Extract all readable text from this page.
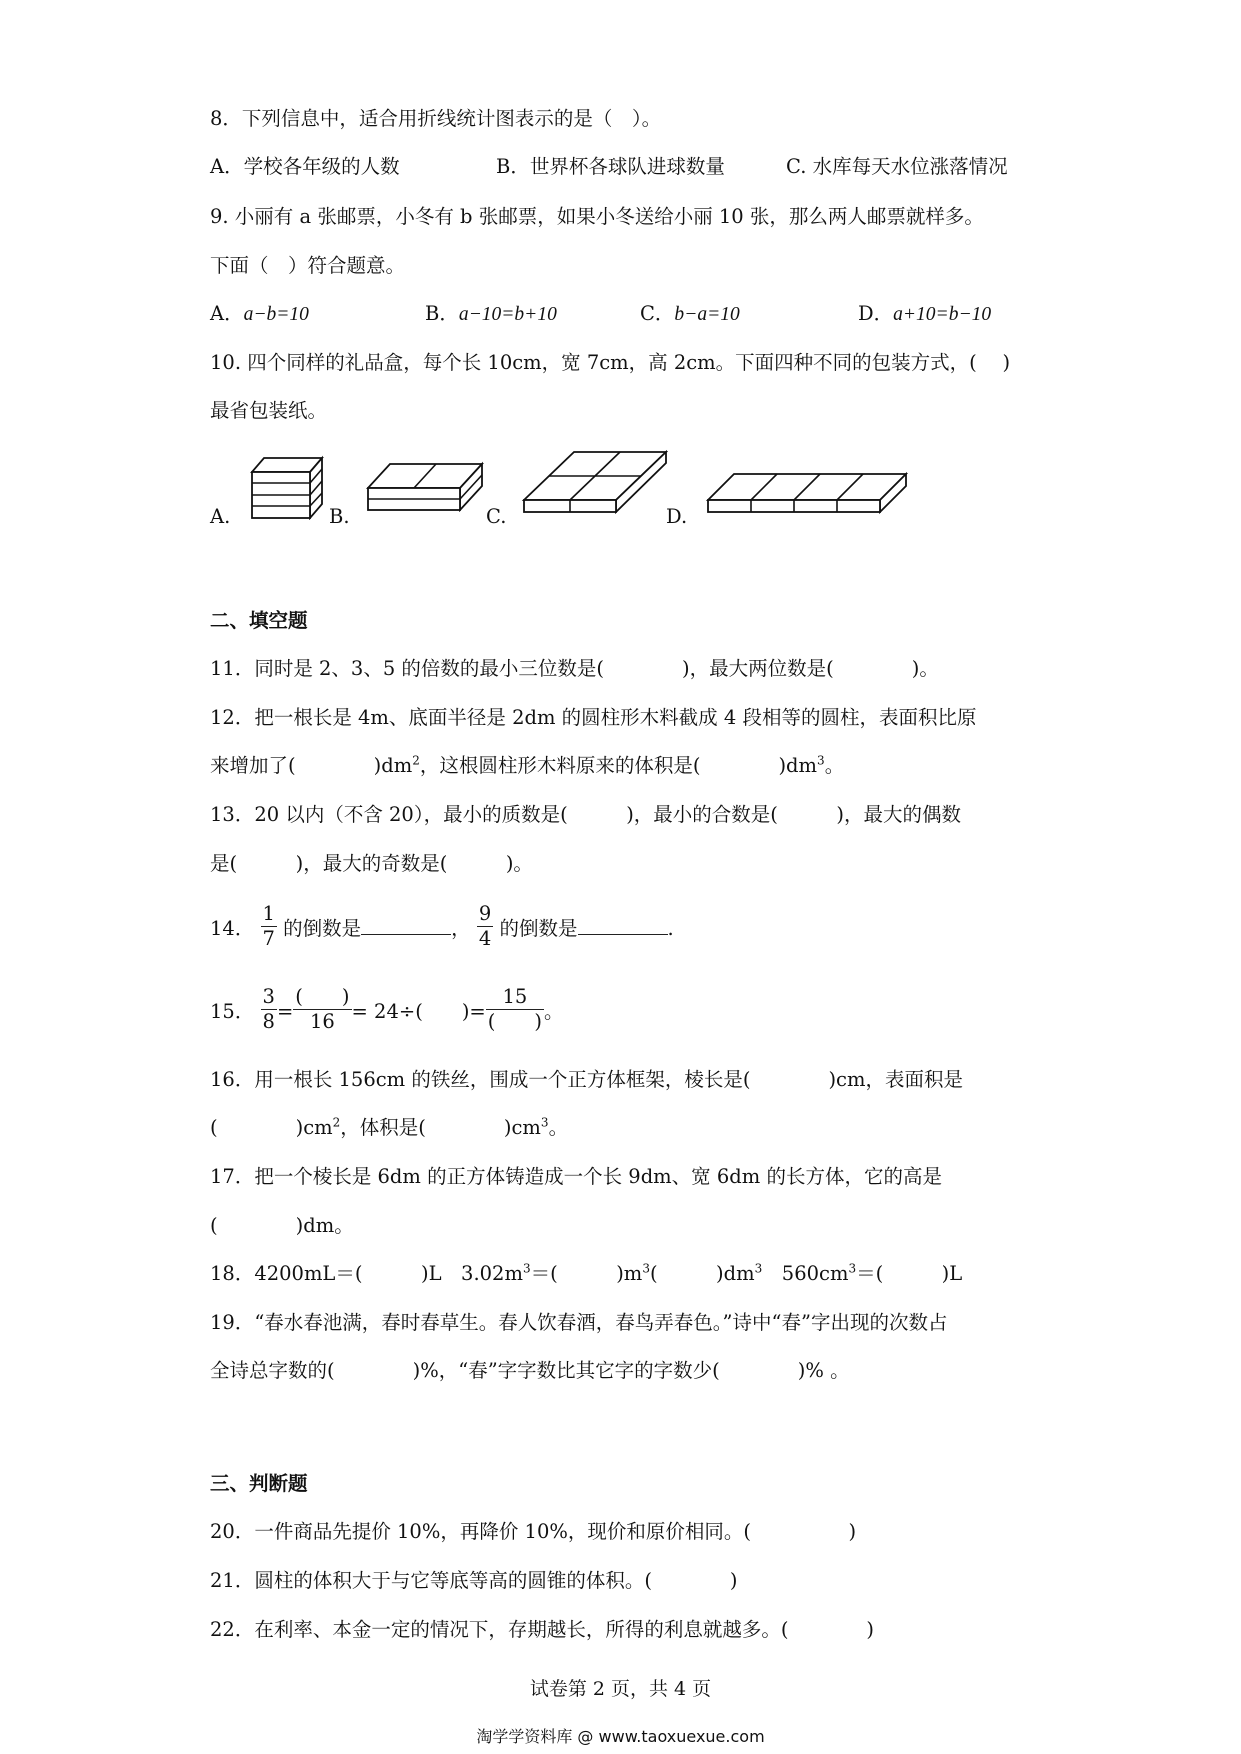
8．下列信息中，适合用折线统计图表示的是（　）。
A．学校各年级的人数	B．世界杯各球队进球数量	C. 水库每天水位涨落情况
9. 小丽有 a 张邮票，小冬有 b 张邮票，如果小冬送给小丽 10 张，那么两人邮票就样多。
下面（　）符合题意。
A．a−b=10	B．a−10=b+10	C．b−a=10	D．a+10=b−10
10. 四个同样的礼品盒，每个长 10cm，宽 7cm，高 2cm。下面四种不同的包装方式，(　 )
最省包装纸。
A.	B.	C.	D.
二、填空题
11．同时是 2、3、5 的倍数的最小三位数是(　　　　)，最大两位数是(　　　　)。
12．把一根长是 4m、底面半径是 2dm 的圆柱形木料截成 4 段相等的圆柱，表面积比原
来增加了(　　　　)$dm^2$，这根圆柱形木料原来的体积是(　　　　)$dm^3$。
13．20 以内（不含 20），最小的质数是(　　　)，最小的合数是(　　　)，最大的偶数
是(　　　)，最大的奇数是(　　　)。
14． $\frac{1}{7}$ 的倒数是	， $\frac{9}{4}$ 的倒数是	.
15． $\frac{3}{8} = \frac{( )}{16} = 24\div$(　　)= $\frac{15}{( )}$ 。
16．用一根长 156cm 的铁丝，围成一个正方体框架，棱长是(　　　　)cm，表面积是
(　　　　)$cm^2$，体积是(　　　　)$cm^3$。
17．把一个棱长是 6dm 的正方体铸造成一个长 9dm、宽 6dm 的长方体，它的高是
(　　　　)dm。
18．4200mL＝(　　　)L　$3.02m^3=$(　　　)$m^3$(　　　)$dm^3$　$560cm^3=$(　　　)L
19．“春水春池满，春时春草生。春人饮春酒，春鸟弄春色。”诗中“春”字出现的次数占
全诗总字数的(　　　　)%，“春”字字数比其它字的字数少(　　　　)% 。
三、判断题
20．一件商品先提价 10%，再降价 10%，现价和原价相同。(　　　　　)
21．圆柱的体积大于与它等底等高的圆锥的体积。(　　　　)
22．在利率、本金一定的情况下，存期越长，所得的利息就越多。(　　　　)
试卷第 2 页，共 4 页
淘学学资料库 @ www.taoxuexue.com
